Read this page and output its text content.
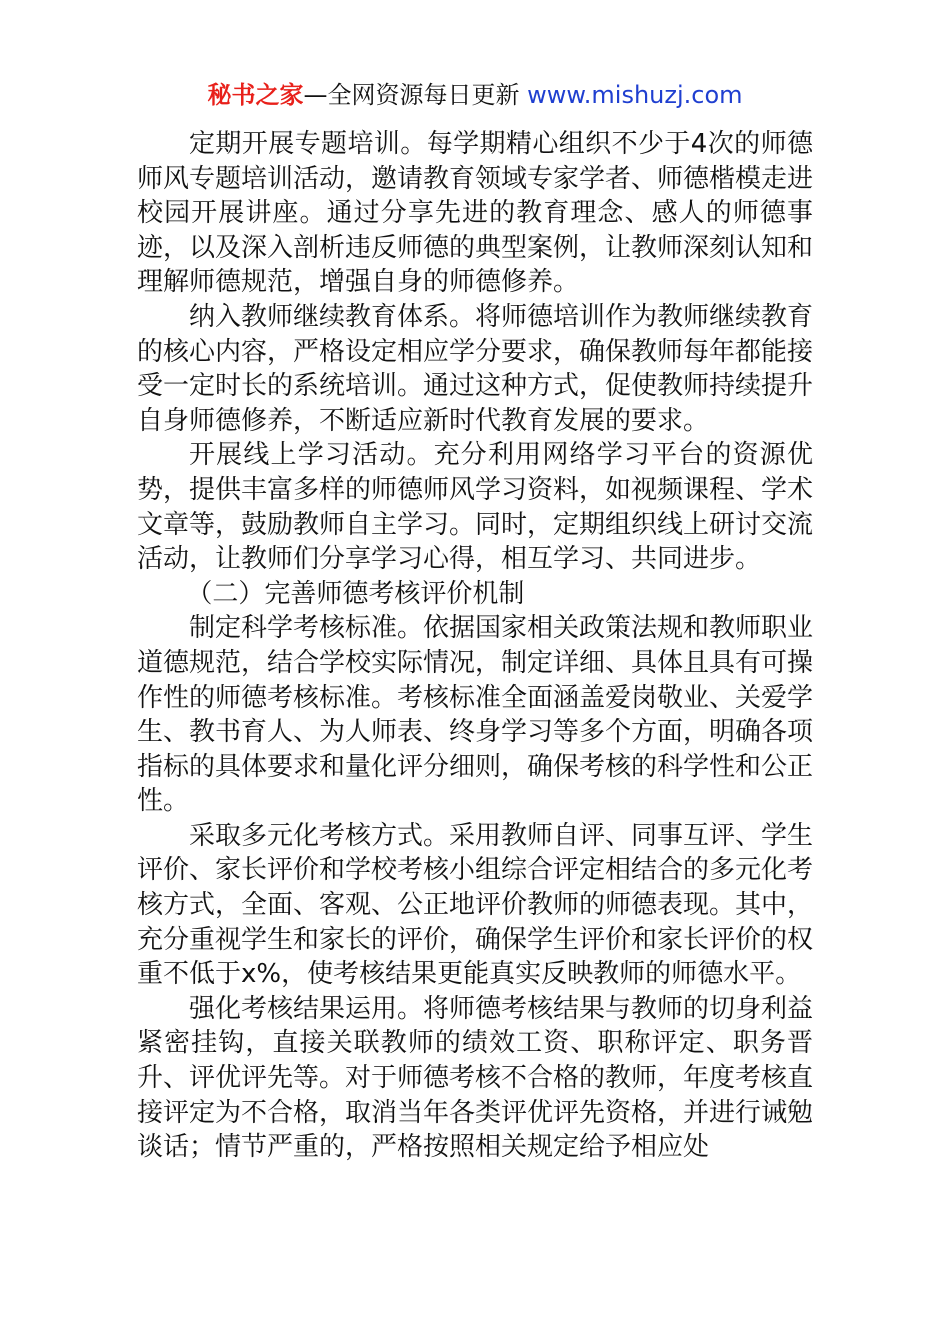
秘书之家—全网资源每日更新 www.mishuzj.com

定期开展专题培训。每学期精心组织不少于4次的师德师风专题培训活动，邀请教育领域专家学者、师德楷模走进校园开展讲座。通过分享先进的教育理念、感人的师德事迹，以及深入剖析违反师德的典型案例，让教师深刻认知和理解师德规范，增强自身的师德修养。

纳入教师继续教育体系。将师德培训作为教师继续教育的核心内容，严格设定相应学分要求，确保教师每年都能接受一定时长的系统培训。通过这种方式，促使教师持续提升自身师德修养，不断适应新时代教育发展的要求。

开展线上学习活动。充分利用网络学习平台的资源优势，提供丰富多样的师德师风学习资料，如视频课程、学术文章等，鼓励教师自主学习。同时，定期组织线上研讨交流活动，让教师们分享学习心得，相互学习、共同进步。

（二）完善师德考核评价机制

制定科学考核标准。依据国家相关政策法规和教师职业道德规范，结合学校实际情况，制定详细、具体且具有可操作性的师德考核标准。考核标准全面涵盖爱岗敬业、关爱学生、教书育人、为人师表、终身学习等多个方面，明确各项指标的具体要求和量化评分细则，确保考核的科学性和公正性。

采取多元化考核方式。采用教师自评、同事互评、学生评价、家长评价和学校考核小组综合评定相结合的多元化考核方式，全面、客观、公正地评价教师的师德表现。其中，充分重视学生和家长的评价，确保学生评价和家长评价的权重不低于x%，使考核结果更能真实反映教师的师德水平。

强化考核结果运用。将师德考核结果与教师的切身利益紧密挂钩，直接关联教师的绩效工资、职称评定、职务晋升、评优评先等。对于师德考核不合格的教师，年度考核直接评定为不合格，取消当年各类评优评先资格，并进行诫勉谈话；情节严重的，严格按照相关规定给予相应处
